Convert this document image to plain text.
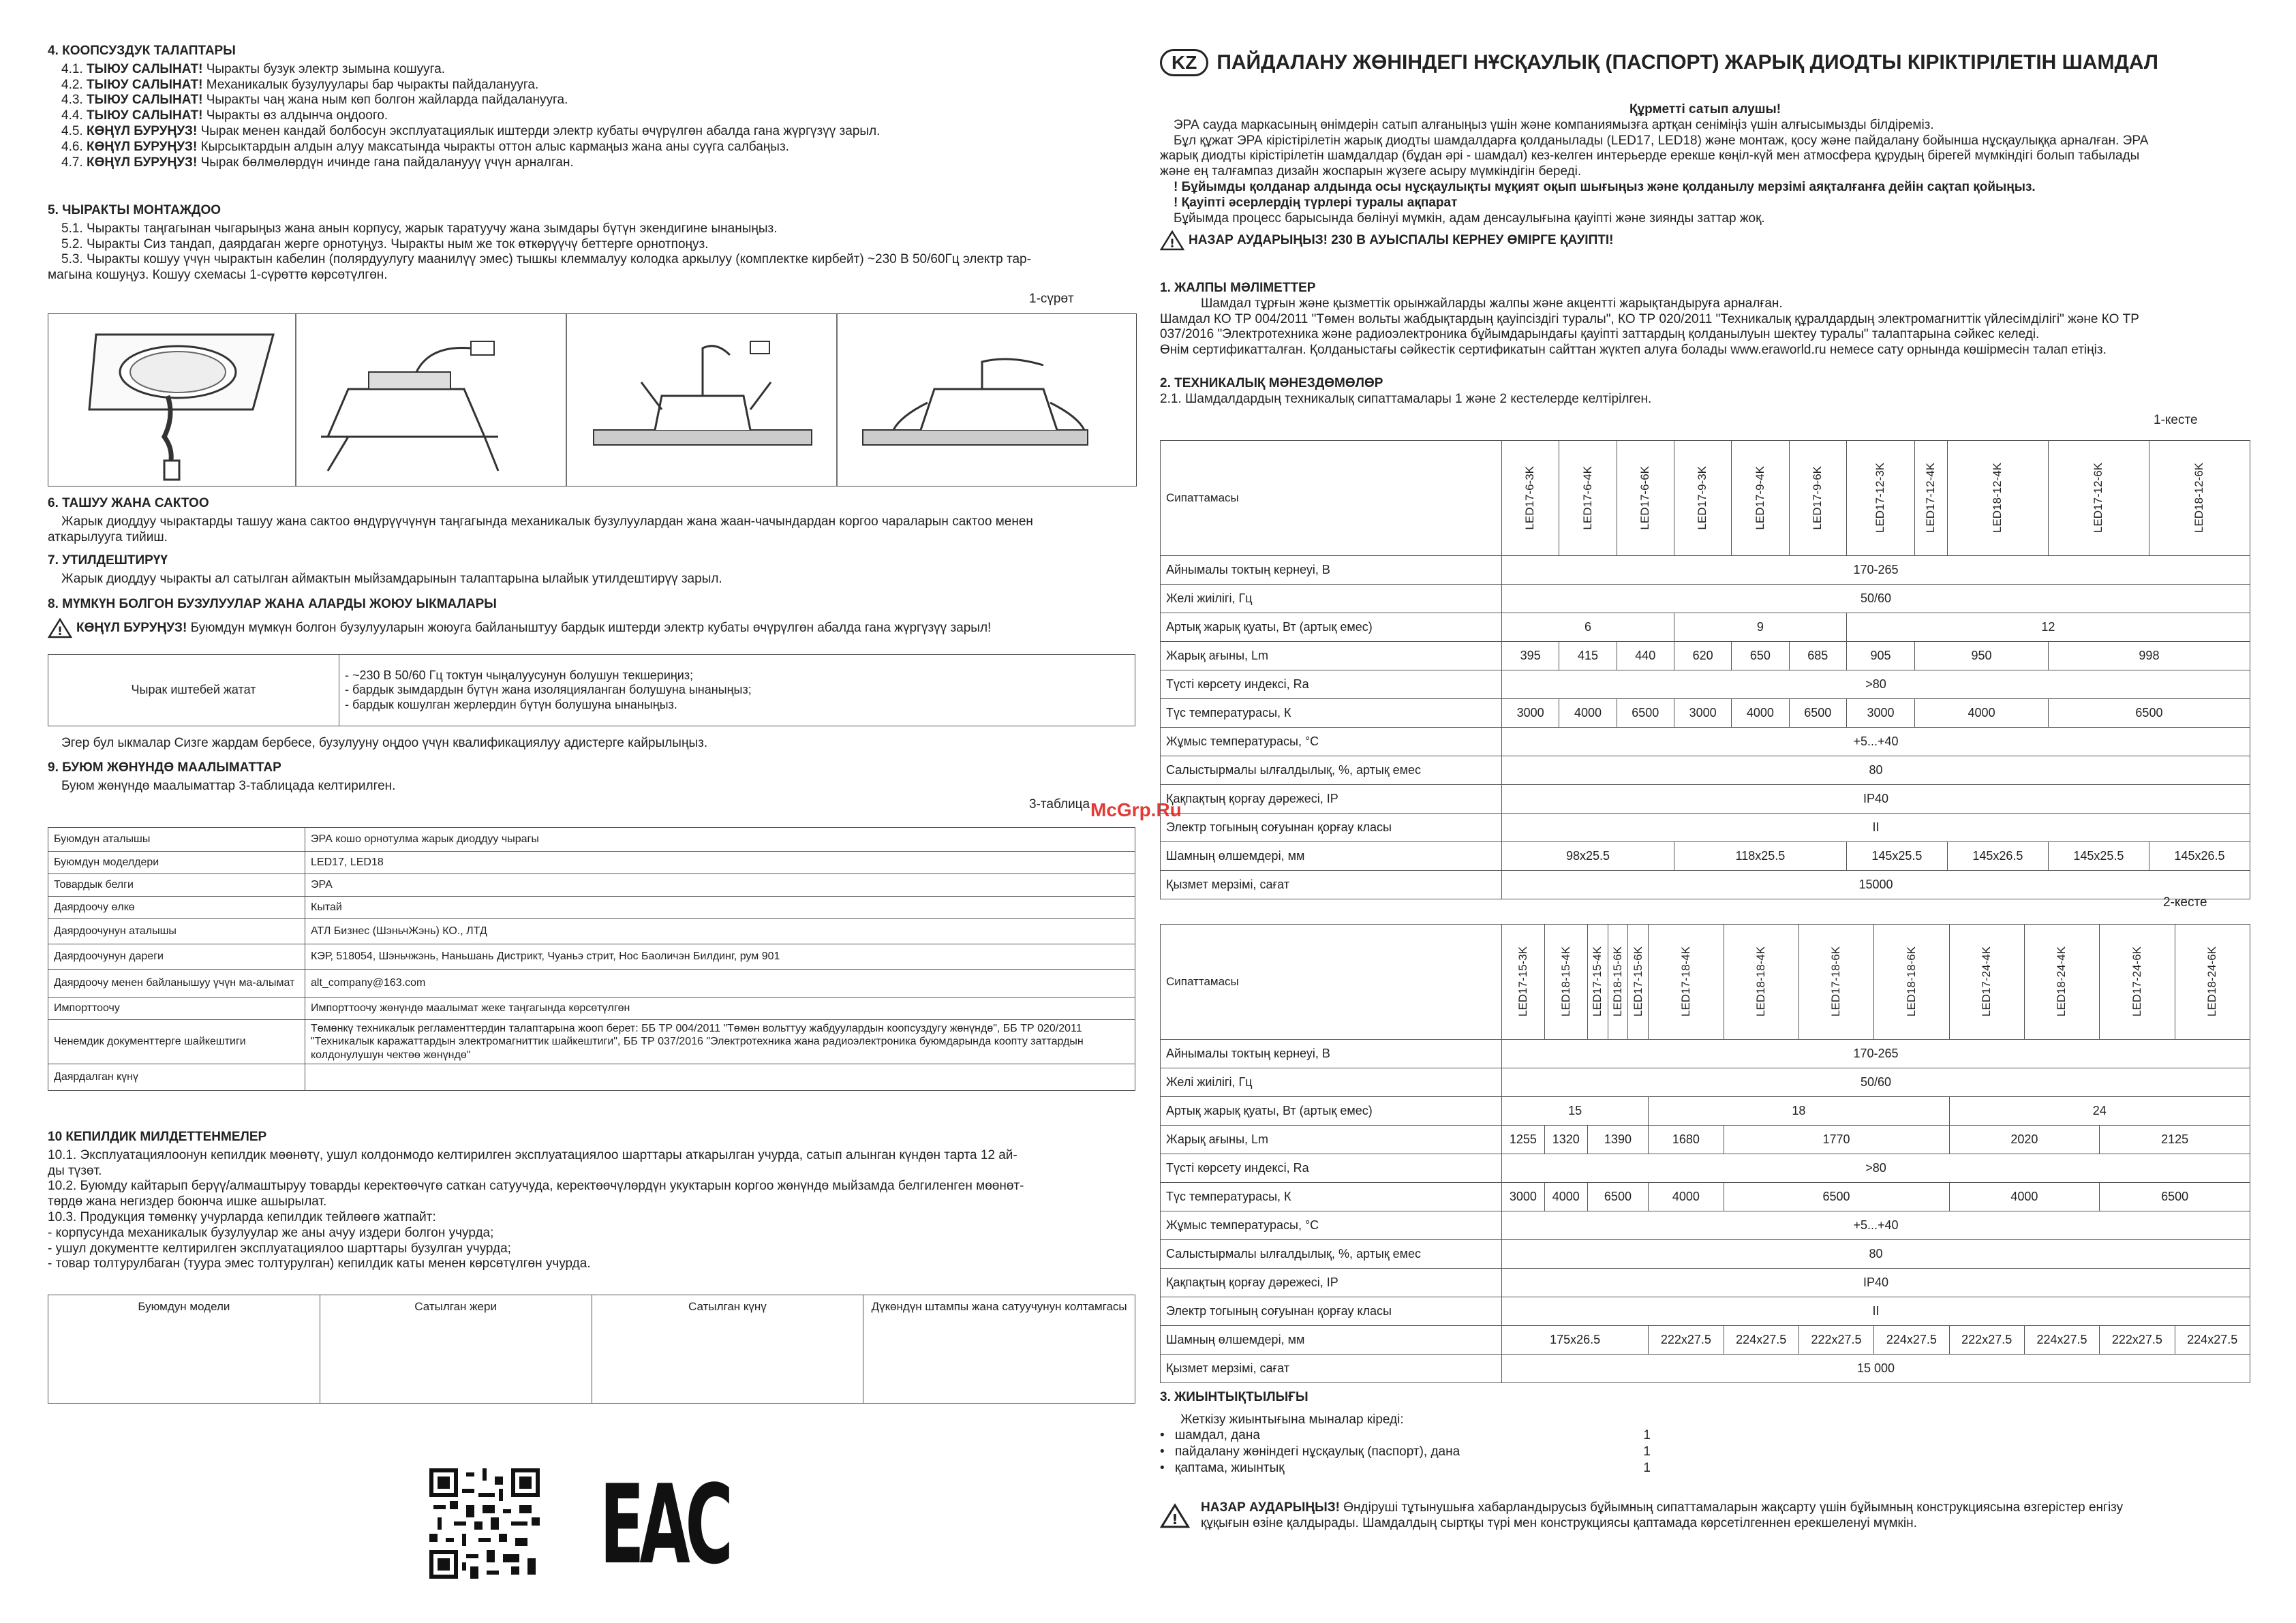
4. КООПСУЗДУК ТАЛАПТАРЫ

4.1. ТЫЮУ САЛЫНАТ! Чыракты бузук электр зымына кошууга.

4.2. ТЫЮУ САЛЫНАТ! Механикалык бузулуулары бар чыракты пайдаланууга.

4.3. ТЫЮУ САЛЫНАТ! Чыракты чаң жана ным көп болгон жайларда пайдаланууга.

4.4. ТЫЮУ САЛЫНАТ! Чыракты өз алдынча оңдоого.

4.5. КӨҢҮЛ БУРУҢУЗ! Чырак менен кандай болбосун эксплуатациялык иштерди электр кубаты өчүрүлгөн абалда гана жүргүзүү зарыл.

4.6. КӨҢҮЛ БУРУҢУЗ! Кырсыктардын алдын алуу максатында чыракты оттон алыс кармаңыз жана аны суүга салбаңыз.

4.7. КӨҢҮЛ БУРУҢУЗ! Чырак бөлмөлөрдүн ичинде гана пайдаланууү үчүн арналган.

5. ЧЫРАКТЫ МОНТАЖДОО

5.1. Чыракты таңгагынан чыгарыңыз жана анын корпусу, жарык таратуучу жана зымдары бүтүн экендигине ынаныңыз.

5.2. Чыракты Сиз тандап, даярдаган жерге орнотуңуз. Чыракты ным же ток өткөрүүчү беттерге орнотпоңуз.

5.3. Чыракты кошуу үчүн чырактын кабелин (полярдуулугу маанилүү эмес) тышкы клеммалуу колодка аркылуу (комплектке кирбейт) ~230 В 50/60Гц электр тар-

магына кошуңуз. Кошуу схемасы 1-сүрөттө көрсөтүлгөн.

1-сүрөт
6. ТАШУУ ЖАНА САКТОО

Жарык диоддуу чырактарды ташуу жана сактоо өндүрүүчүнүн таңгагында механикалык бузулуулардан жана жаан-чачындардан коргоо чараларын сактоо менен

аткарылууга тийиш.

7. УТИЛДЕШТИРҮҮ

Жарык диоддуу чыракты ал сатылган аймактын мыйзамдарынын талаптарына ылайык утилдештирүү зарыл.

8. МҮМКҮН БОЛГОН БУЗУЛУУЛАР ЖАНА АЛАРДЫ ЖОЮУ ЫКМАЛАРЫ

! КӨҢҮЛ БУРУҢУЗ! Буюмдун мүмкүн болгон бузулууларын жоюуга байланыштуу бардык иштерди электр кубаты өчүрүлгөн абалда гана жүргүзүү зарыл!

Чырак иштебей жатат	
- ~230 В 50/60 Гц токтун чыңалуусунун болушун текшериңиз;
- бардык зымдардын бүтүн жана изоляцияланган болушуна ынаныңыз;
- бардык кошулган жерлердин бүтүн болушуна ынаныңыз.

Эгер бул ыкмалар Сизге жардам бербесе, бузулууну оңдоо үчүн квалификациялуу адистерге кайрылыңыз.

9. БУЮМ ЖӨНҮНДӨ МААЛЫМАТТАР

Буюм жөнүндө маалыматтар 3-таблицада келтирилген.

3-таблица
Буюмдун аталышы	ЭРА кошо орнотулма жарык диоддуу чырагы
Буюмдун моделдери	LED17, LED18
Товардык белги	ЭРА
Даярдоочу өлкө	Кытай
Даярдоочунун аталышы	АТЛ Бизнес (ШэньчЖэнь) КО., ЛТД
Даярдоочунун дареги	КЭР, 518054, Шэньчжэнь, Наньшань Дистрикт, Чуаньэ стрит, Нос Баоличэн Билдинг, рум 901
Даярдоочу менен байланышуу үчүн ма-алымат	alt_company@163.com
Импорттоочу	Импорттоочу жөнүндө маалымат жеке таңгагында көрсөтүлгөн
Ченемдик документтерге шайкештиги	Төмөнкү техникалык регламенттердин талаптарына жооп берет: ББ ТР 004/2011 "Төмөн вольттуу жабдуулардын коопсуздугу жөнүндө", ББ ТР 020/2011 "Техникалык каражаттардын электромагниттик шайкештиги", ББ ТР 037/2016 "Электротехника жана радиоэлектроника буюмдарында коопту заттардын колдонулушун чектөө жөнүндө"
Даярдалган күнү	
10 КЕПИЛДИК МИЛДЕТТЕНМЕЛЕР

10.1. Эксплуатациялоонун кепилдик мөөнөтү, ушул колдонмодо келтирилген эксплуатациялоо шарттары аткарылган учурда, сатып алынган күндөн тарта 12 ай-

ды түзөт.

10.2. Буюмду кайтарып берүү/алмаштыруу товарды керектөөчүгө саткан сатуучуда, керектөөчүлөрдүн укуктарын коргоо жөнүндө мыйзамда белгиленген мөөнөт-

төрдө жана негиздер боюнча ишке ашырылат.

10.3. Продукция төмөнкү учурларда кепилдик тейлөөгө жатпайт:

- корпусунда механикалык бузулуулар же аны ачуу издери болгон учурда;

- ушул документте келтирилген эксплуатациялоо шарттары бузулган учурда;

- товар толтурулбаган (туура эмес толтурулган) кепилдик каты менен көрсөтүлгөн учурда.

Буюмдун модели	Сатылган жери	Сатылган күнү	Дүкөндүн штампы жана сатуучунун колтамгасы

EAC
McGrp.Ru
KZ ПАЙДАЛАНУ ЖӨНІНДЕГІ НҰСҚАУЛЫҚ (ПАСПОРТ) ЖАРЫҚ ДИОДТЫ КІРІКТІРІЛЕТІН ШАМДАЛ

Құрметті сатып алушы!

ЭРА сауда маркасының өнімдерін сатып алғаныңыз үшін және компаниямызға артқан сеніміңіз үшін алғысымызды білдіреміз.

Бұл құжат ЭРА кірістірілетін жарық диодты шамдалдарға қолданылады (LED17, LED18) және монтаж, қосу және пайдалану бойынша нұсқаулыққа арналған. ЭРА

жарық диодты кірістірілетін шамдалдар (бұдан әрі - шамдал) кез-келген интерьерде ерекше көңіл-күй мен атмосфера құрудың бірегей мүмкіндігі болып табылады

және ең талғампаз дизайн жоспарын жүзеге асыру мүмкіндігін береді.

! Бұйымды қолданар алдында осы нұсқаулықты мұқият оқып шығыңыз және қолданылу мерзімі аяқталғанға дейін сақтап қойыңыз.

! Қауіпті әсерлердің түрлері туралы ақпарат

Бұйымда процесс барысында бөлінуі мүмкін, адам денсаулығына қауіпті және зиянды заттар жоқ.

! НАЗАР АУДАРЫҢЫЗ! 230 В АУЫСПАЛЫ КЕРНЕУ ӨМІРГЕ ҚАУІПТІ!

1. ЖАЛПЫ МӘЛІМЕТТЕР

Шамдал тұрғын және қызметтік орынжайларды жалпы және акцентті жарықтандыруға арналған.

Шамдал КО ТР 004/2011 "Төмен вольты жабдықтардың қауіпсіздігі туралы", КО ТР 020/2011 "Техникалық құралдардың электромагниттік үйлесімділігі" және КО ТР

037/2016 "Электротехника және радиоэлектроника бұйымдарындағы қауіпті заттардың қолданылуын шектеу туралы" талаптарына сәйкес келеді.

Өнім сертификатталған. Қолданыстағы сәйкестік сертификатын сайттан жүктеп алуға болады www.eraworld.ru немесе сату орнында көшірмесін талап етіңіз.

2. ТЕХНИКАЛЫҚ МӘНЕЗДӨМӨЛӨР

2.1. Шамдалдардың техникалық сипаттамалары 1 және 2 кестелерде келтірілген.

1-кесте
Сипаттамасы	LED17-6-3K	LED17-6-4K	LED17-6-6K	LED17-9-3K	LED17-9-4K	LED17-9-6K	LED17-12-3K	LED17-12-4K	LED18-12-4K	LED17-12-6K	LED18-12-6K

Айнымалы токтың кернеуі, В	170-265										
Желі жиілігі, Гц	50/60										
Артық жарық қуаты, Вт (артық емес)	6			9			12				
Жарық ағыны, Lm	395	415	440	620	650	685	905	950		998	
Түсті көрсету индексі, Ra	>80										
Түс температурасы, К	3000	4000	6500	3000	4000	6500	3000	4000		6500	
Жұмыс температурасы, °С	+5...+40										
Салыстырмалы ылғалдылық, %, артық емес	80										
Қақпақтың қорғау дәрежесі, IP	IP40										
Электр тогының соғуынан қорғау класы	II										
Шамның өлшемдері, мм	98х25.5			118х25.5			145х25.5		145х26.5	145х25.5	145х26.5
Қызмет мерзімі, сағат	15000										
2-кесте
Сипаттамасы	LED17-15-3K	LED18-15-4K	LED17-15-4K	LED18-15-6K	LED17-15-6K	LED17-18-4K	LED18-18-4K	LED17-18-6K	LED18-18-6K	LED17-24-4K	LED18-24-4K	LED17-24-6K	LED18-24-6K

Айнымалы токтың кернеуі, В	170-265												
Желі жиілігі, Гц	50/60												
Артық жарық қуаты, Вт (артық емес)	15					18				24			
Жарық ағыны, Lm	1255	1320	1390			1680	1770			2020		2125	
Түсті көрсету индексі, Ra	>80												
Түс температурасы, К	3000	4000	6500			4000	6500			4000		6500	
Жұмыс температурасы, °С	+5...+40												
Салыстырмалы ылғалдылық, %, артық емес	80												
Қақпақтың қорғау дәрежесі, IP	IP40												
Электр тогының соғуынан қорғау класы	II												
Шамның өлшемдері, мм	175х26.5					222х27.5	224х27.5	222х27.5	224х27.5	222х27.5	224х27.5	222х27.5	224х27.5
Қызмет мерзімі, сағат	15 000												
3. ЖИЫНТЫҚТЫЛЫҒЫ

Жеткізу жиынтығына мыналар кіреді:

• шамдал, дана	1
• пайдалану жөніндегі нұсқаулық (паспорт), дана	1
• қаптама, жиынтық	1
!

НАЗАР АУДАРЫҢЫЗ! Өндіруші тұтынушыға хабарландырусыз бұйымның сипаттамаларын жақсарту үшін бұйымның конструкциясына өзгерістер енгізу

құқығын өзіне қалдырады. Шамдалдың сыртқы түрі мен конструкциясы қаптамада көрсетілгеннен ерекшеленуі мүмкін.
